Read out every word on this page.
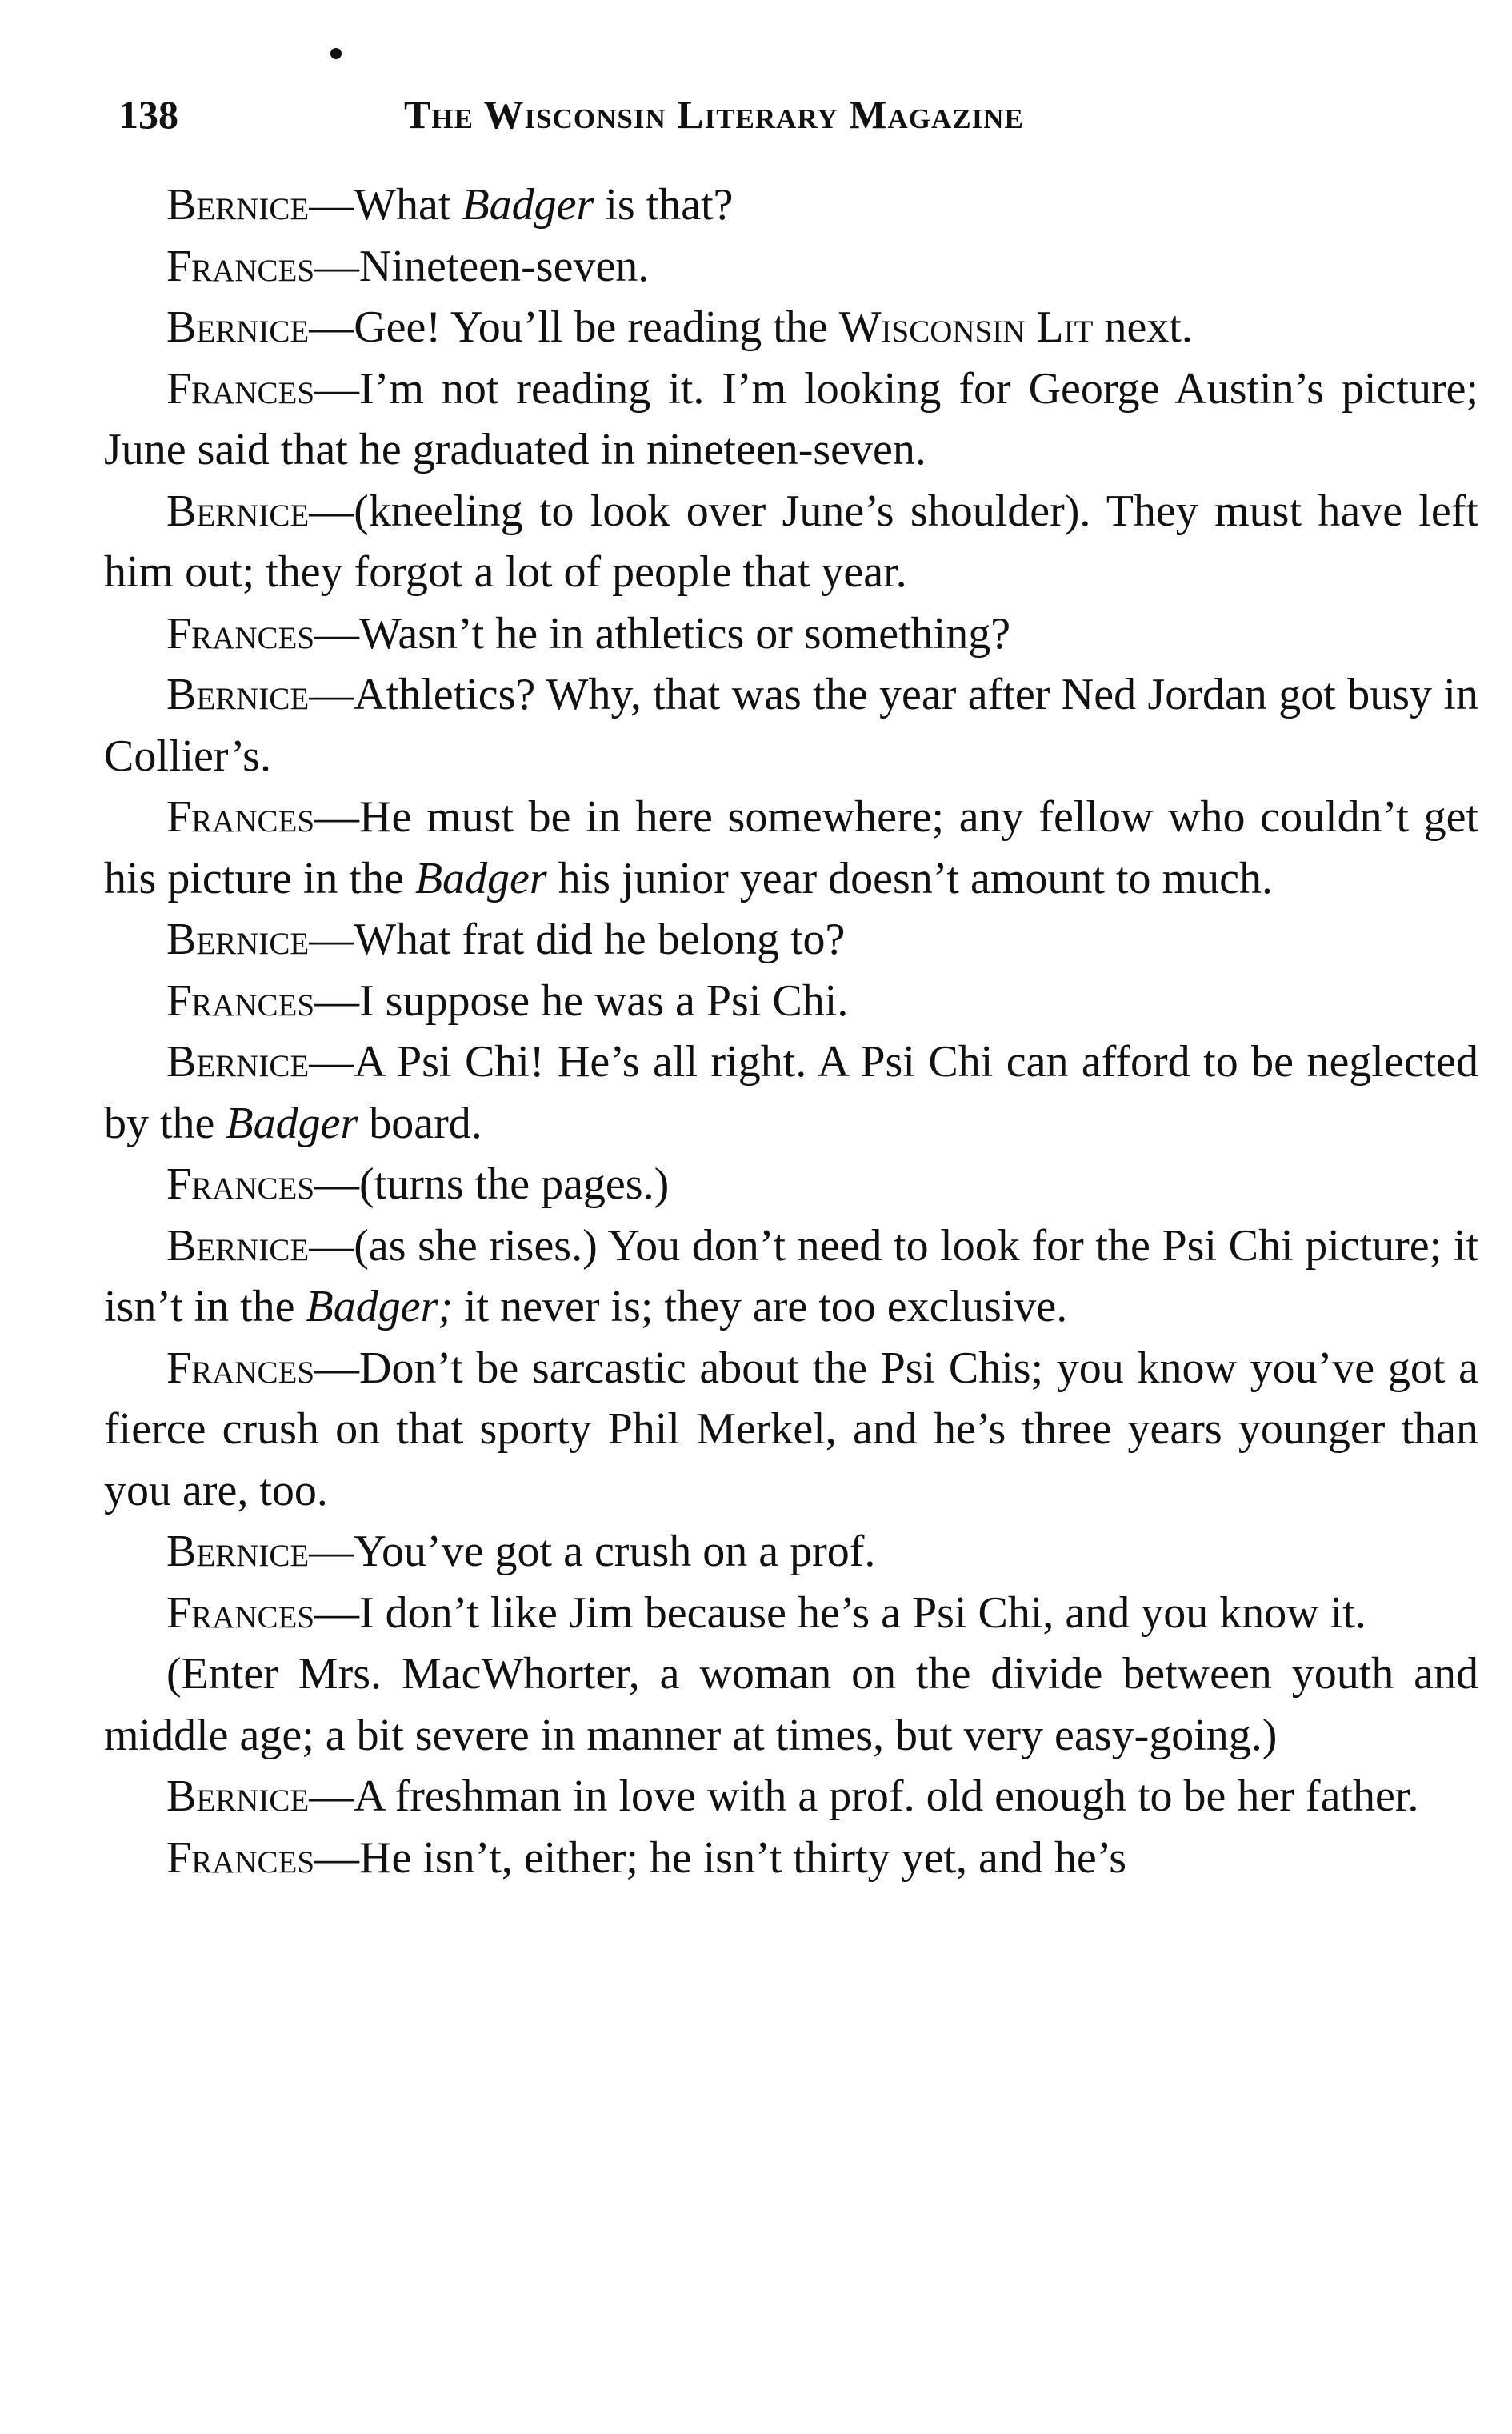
138	The Wisconsin Literary Magazine

Bernice—What Badger is that?

Frances—Nineteen-seven.

Bernice—Gee! You’ll be reading the Wisconsin Lit next.

Frances—I’m not reading it. I’m looking for George Austin’s picture; June said that he graduated in nineteen-seven.

Bernice—(kneeling to look over June’s shoulder). They must have left him out; they forgot a lot of people that year.

Frances—Wasn’t he in athletics or something?

Bernice—Athletics? Why, that was the year after Ned Jordan got busy in Collier’s.

Frances—He must be in here somewhere; any fellow who couldn’t get his picture in the Badger his junior year doesn’t amount to much.

Bernice—What frat did he belong to?

Frances—I suppose he was a Psi Chi.

Bernice—A Psi Chi! He’s all right. A Psi Chi can afford to be neglected by the Badger board.

Frances—(turns the pages.)

Bernice—(as she rises.) You don’t need to look for the Psi Chi picture; it isn’t in the Badger; it never is; they are too exclusive.

Frances—Don’t be sarcastic about the Psi Chis; you know you’ve got a fierce crush on that sporty Phil Merkel, and he’s three years younger than you are, too.

Bernice—You’ve got a crush on a prof.

Frances—I don’t like Jim because he’s a Psi Chi, and you know it.

(Enter Mrs. MacWhorter, a woman on the divide between youth and middle age; a bit severe in manner at times, but very easy-going.)

Bernice—A freshman in love with a prof. old enough to be her father.

Frances—He isn’t, either; he isn’t thirty yet, and he’s
